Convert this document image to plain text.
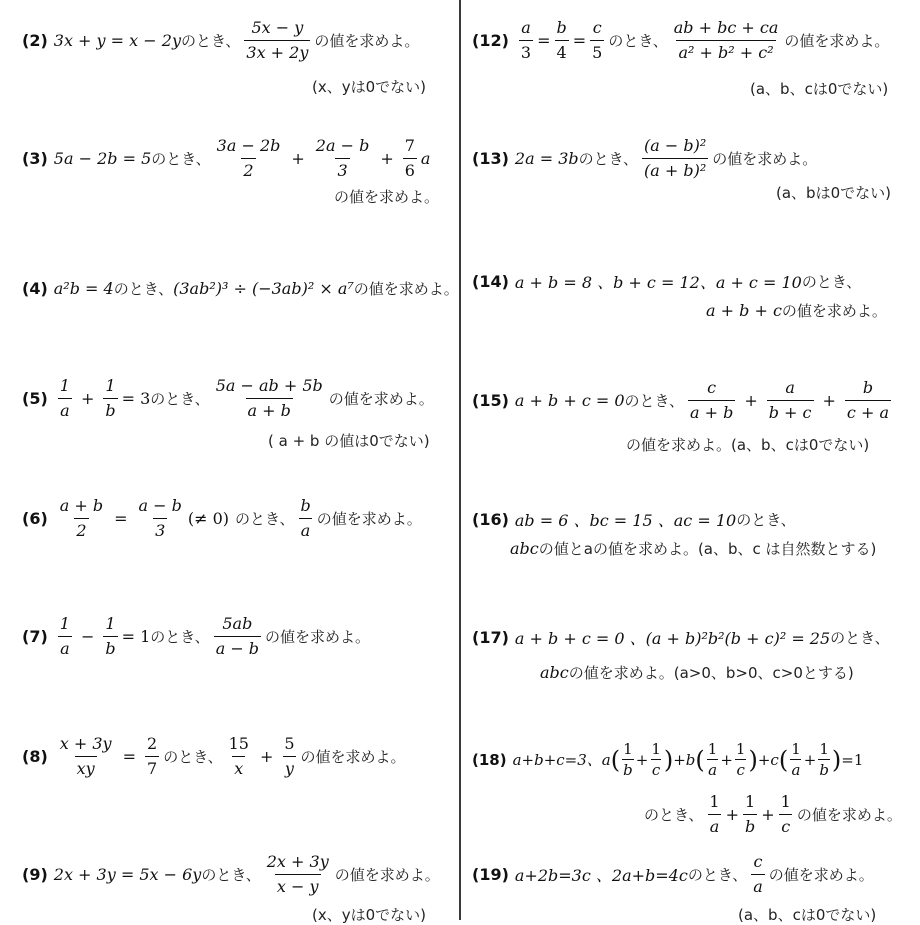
(2) 3x + y = x − 2y のとき、 $\frac{5x - y}{3x + 2y}$ の値を求めよ。
(x、yは0でない)
(3) 5a − 2b = 5 のとき、 $\frac{3a - 2b}{2} + \frac{2a - b}{3} + \frac{7}{6}$ a
の値を求めよ。
(4) a²b = 4 のとき、 (3ab²)³ ÷ (−3ab)² × a⁷ の値を求めよ。
$(5) \frac{1}{a} + \frac{1}{b} = 3$ のとき、 $\frac{5a - ab + 5b}{a + b}$ の値を求めよ。
( a + b の値は0でない)
$(6) \frac{a + b}{2} = \frac{a - b}{3}$ (≠ 0) のとき、 $\frac{b}{a}$ の値を求めよ。
$(7) \frac{1}{a} - \frac{1}{b} = 1$ のとき、 $\frac{5ab}{a - b}$ の値を求めよ。
$(8) \frac{x + 3y}{xy} = \frac{2}{7}$ のとき、 $\frac{15}{x} + \frac{5}{y}$ の値を求めよ。
(9) 2x + 3y = 5x − 6y のとき、 $\frac{2x + 3y}{x - y}$ の値を求めよ。
(x、yは0でない)
$(12) \frac{a}{3} = \frac{b}{4} = \frac{c}{5}$ のとき、 $\frac{ab + bc + ca}{\text{a² + b² + c²}}$ の値を求めよ。
(a、b、cは0でない)
(13) 2a = 3b のとき、 $\frac{\text{(a − b)²}}{\text{(a + b)²}}$ の値を求めよ。
(a、bは0でない)
(14) a + b = 8 、b + c = 12、a + c = 10 のとき、
a + b + c の値を求めよ。
(15) a + b + c = 0 のとき、 $\frac{c}{a + b} + \frac{a}{b + c} + \frac{b}{c + a}$
の値を求めよ。(a、b、cは0でない)
(16) ab = 6 、bc = 15 、ac = 10 のとき、
abc の値とaの値を求めよ。(a、b、c は自然数とする)
(17) a + b + c = 0 、(a + b)²b²(b + c)² = 25 のとき、
abc の値を求めよ。(a>0、b>0、c>0とする)
(18) a+b+c=3、 a ( $\frac{1}{b} + \frac{1}{c}$ ) +b ( $\frac{1}{a} + \frac{1}{c}$ ) +c ( $\frac{1}{a} + \frac{1}{b}$ ) =1
のとき、 $\frac{1}{a} + \frac{1}{b} + \frac{1}{c}$ の値を求めよ。
(19) a+2b=3c 、2a+b=4c のとき、 $\frac{c}{a}$ の値を求めよ。
(a、b、cは0でない)
